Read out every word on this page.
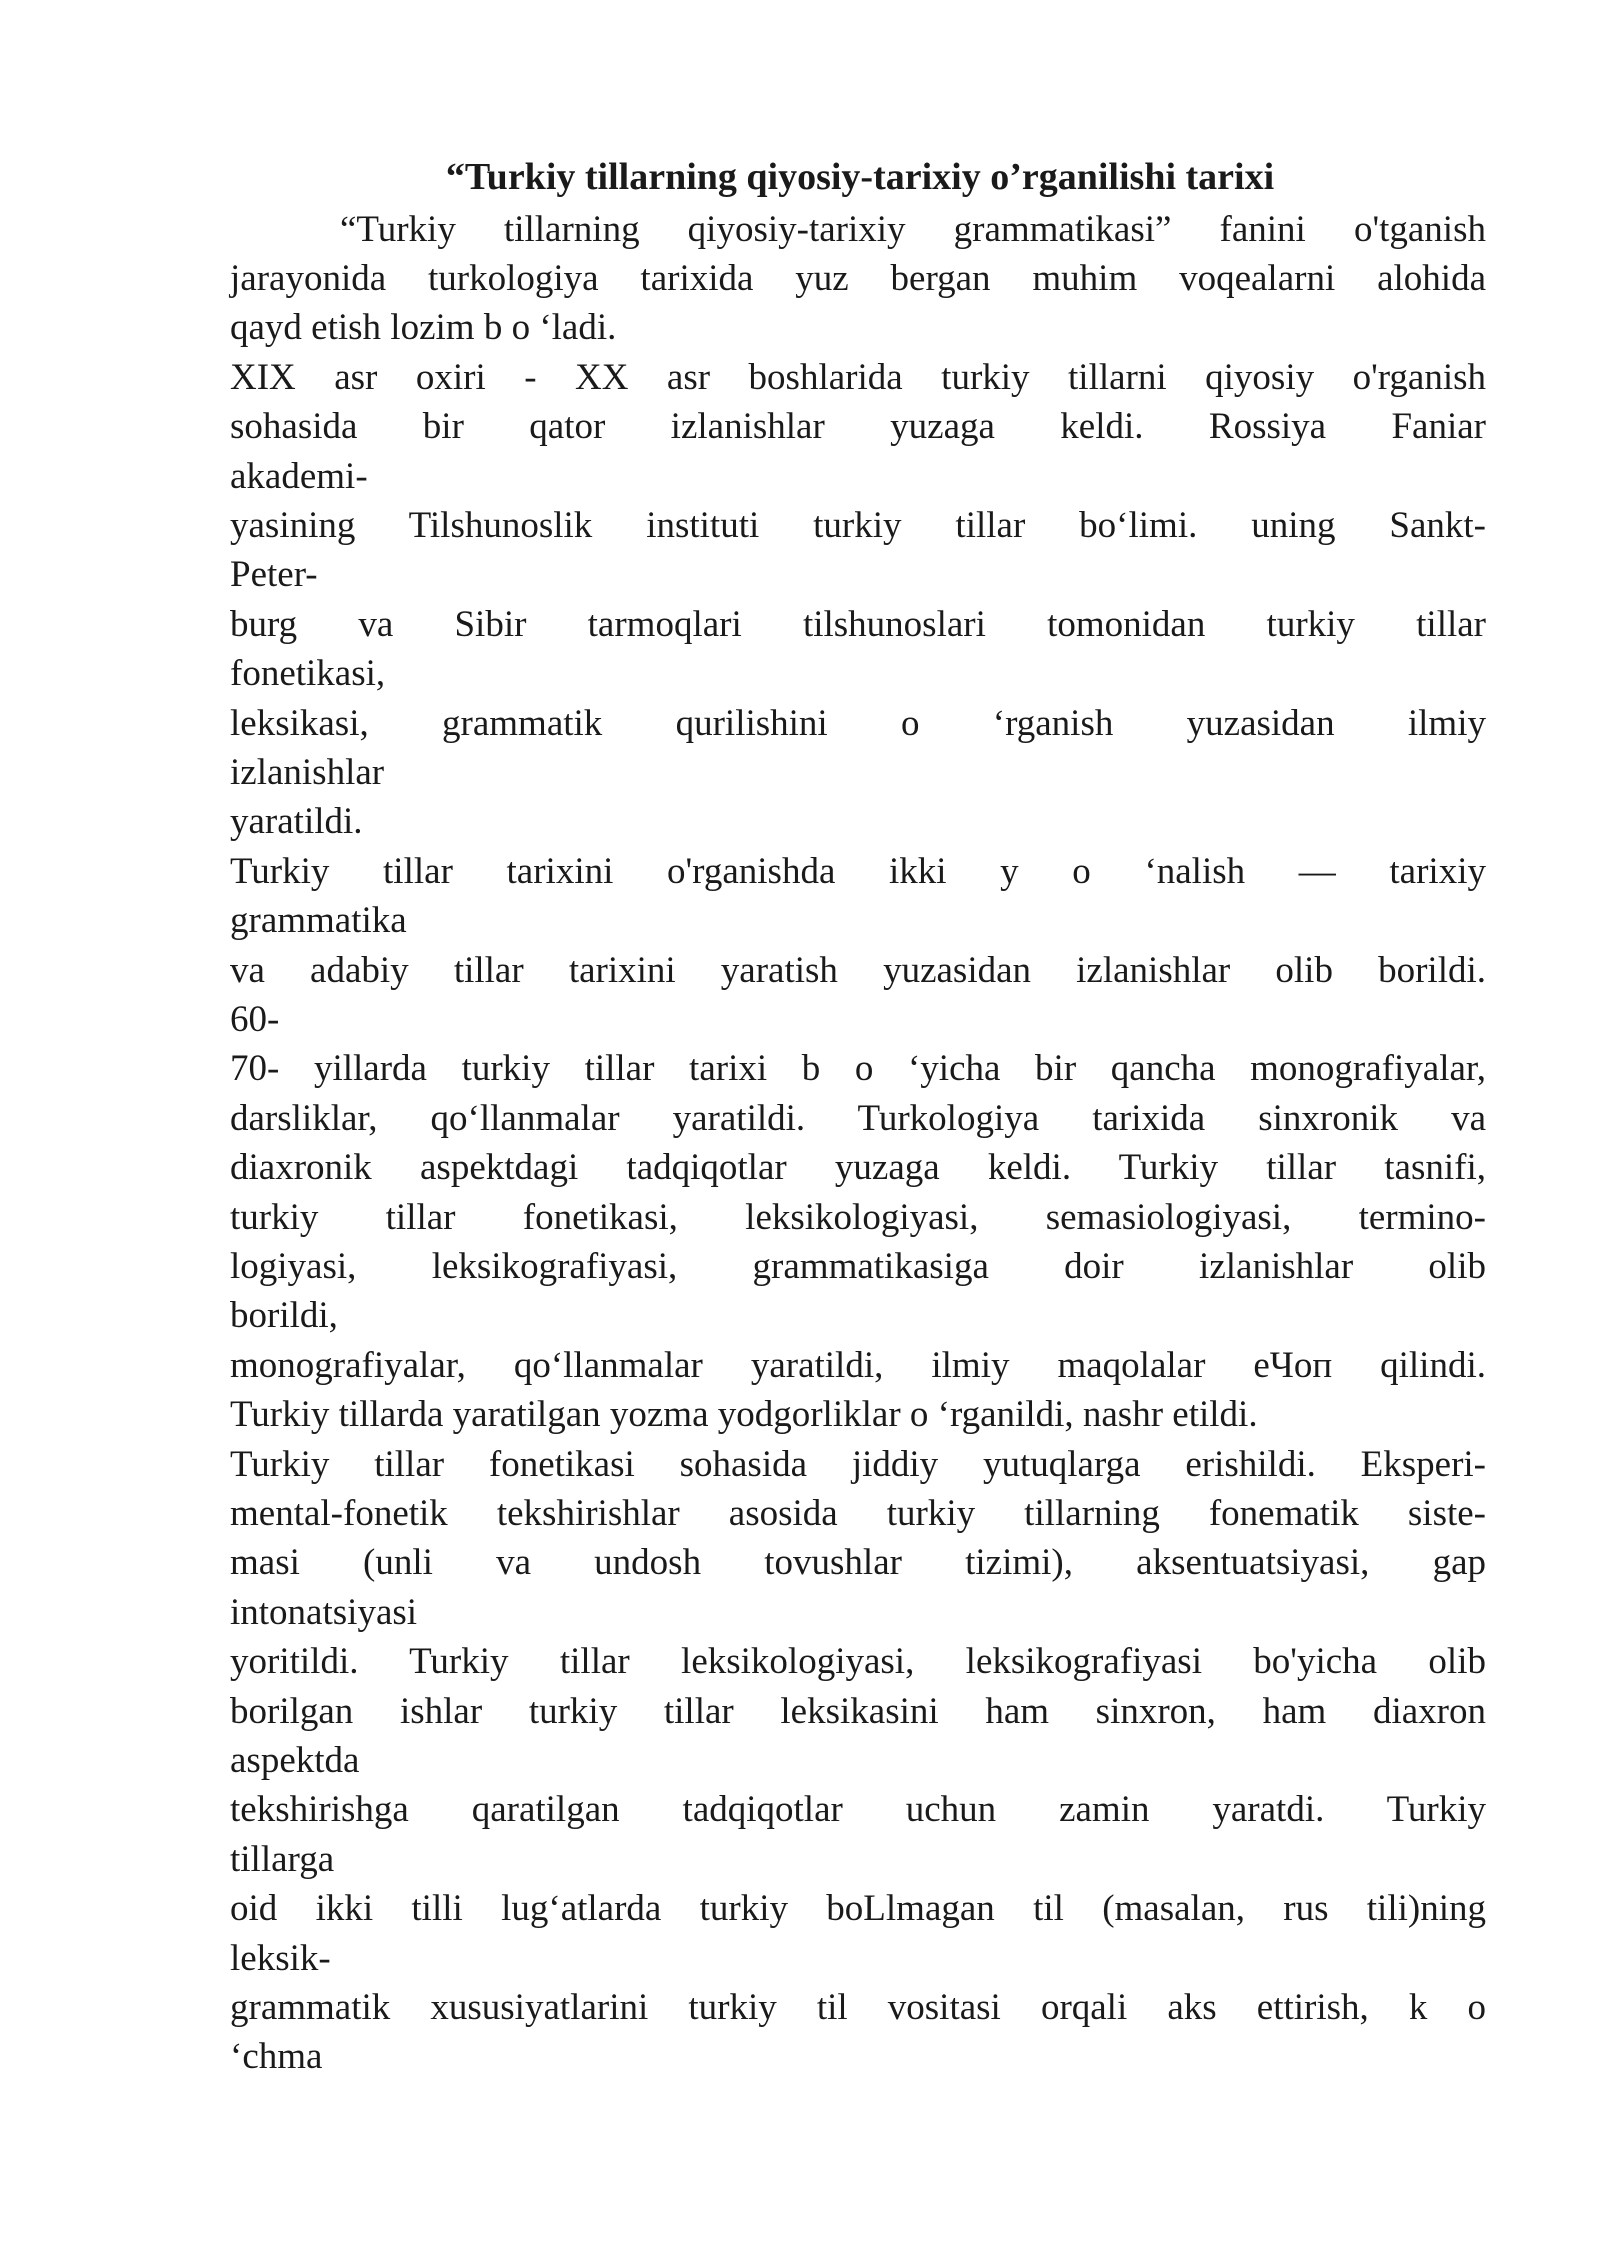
“Turkiy tillarning qiyosiy-tarixiy o’rganilishi tarixi
“Turkiy tillarning qiyosiy-tarixiy grammatikasi” fanini o'tganish
jarayonida turkologiya tarixida yuz bergan muhim voqealarni alohida
qayd etish lozim b o ‘ladi.
XIX asr oxiri - XX asr boshlarida turkiy tillarni qiyosiy o'rganish
sohasida bir qator izlanishlar yuzaga keldi. Rossiya Faniar
akademi-
yasining Tilshunoslik instituti turkiy tillar bo‘limi. uning Sankt-
Peter-
burg va Sibir tarmoqlari tilshunoslari tomonidan turkiy tillar
fonetikasi,
leksikasi, grammatik qurilishini o ‘rganish yuzasidan ilmiy
izlanishlar
yaratildi.
Turkiy tillar tarixini o'rganishda ikki y o ‘nalish — tarixiy
grammatika
va adabiy tillar tarixini yaratish yuzasidan izlanishlar olib borildi.
60-
70- yillarda turkiy tillar tarixi b o ‘yicha bir qancha monografiyalar,
darsliklar, qo‘llanmalar yaratildi. Turkologiya tarixida sinxronik va
diaxronik aspektdagi tadqiqotlar yuzaga keldi. Turkiy tillar tasnifi,
turkiy tillar fonetikasi, leksikologiyasi, semasiologiyasi, termino-
logiyasi, leksikografiyasi, grammatikasiga doir izlanishlar olib
borildi,
monografiyalar, qo‘llanmalar yaratildi, ilmiy maqolalar eЧоп qilindi.
Turkiy tillarda yaratilgan yozma yodgorliklar o ‘rganildi, nashr etildi.
Turkiy tillar fonetikasi sohasida jiddiy yutuqlarga erishildi. Eksperi-
mental-fonetik tekshirishlar asosida turkiy tillarning fonematik siste-
masi (unli va undosh tovushlar tizimi), aksentuatsiyasi, gap
intonatsiyasi
yoritildi. Turkiy tillar leksikologiyasi, leksikografiyasi bo'yicha olib
borilgan ishlar turkiy tillar leksikasini ham sinxron, ham diaxron
aspektda
tekshirishga qaratilgan tadqiqotlar uchun zamin yaratdi. Turkiy
tillarga
oid ikki tilli lug‘atlarda turkiy boLlmagan til (masalan, rus tili)ning
leksik-
grammatik xususiyatlarini turkiy til vositasi orqali aks ettirish, k o
‘chma
